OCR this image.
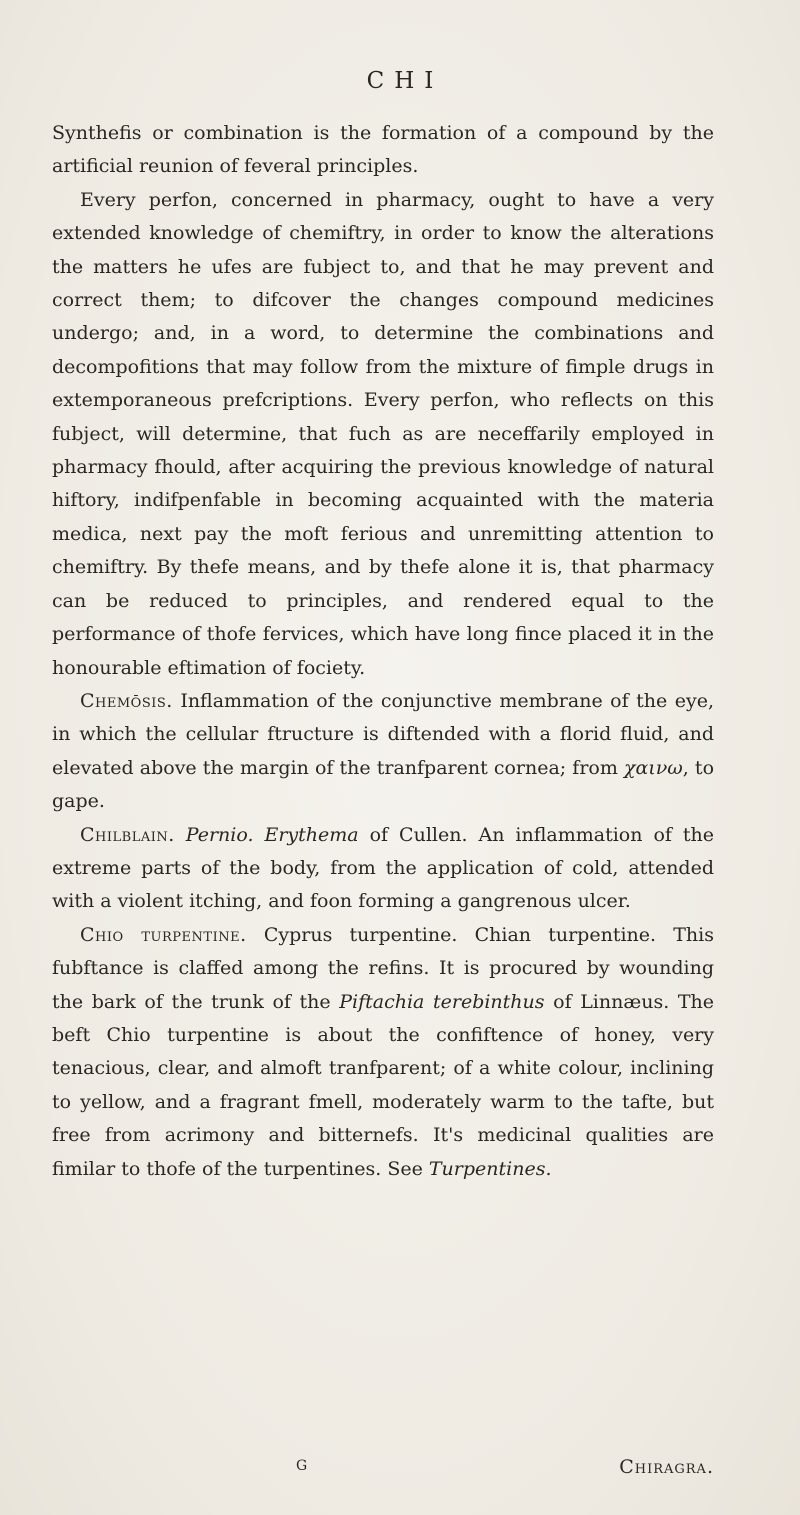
CHI

Synthefis or combination is the formation of a compound by the artificial reunion of feveral principles.

Every perfon, concerned in pharmacy, ought to have a very extended knowledge of chemiftry, in order to know the alterations the matters he ufes are fubject to, and that he may prevent and correct them; to difcover the changes compound medicines undergo; and, in a word, to determine the combinations and decompofitions that may follow from the mixture of fimple drugs in extemporaneous prefcriptions. Every perfon, who reflects on this fubject, will determine, that fuch as are neceffarily employed in pharmacy fhould, after acquiring the previous knowledge of natural hiftory, indifpenfable in becoming acquainted with the materia medica, next pay the moft ferious and unremitting attention to chemiftry. By thefe means, and by thefe alone it is, that pharmacy can be reduced to principles, and rendered equal to the performance of thofe fervices, which have long fince placed it in the honourable eftimation of fociety.

Chemōsis. Inflammation of the conjunctive membrane of the eye, in which the cellular ftructure is diftended with a florid fluid, and elevated above the margin of the tranfparent cornea; from χαινω, to gape.

Chilblain. Pernio. Erythema of Cullen. An inflammation of the extreme parts of the body, from the application of cold, attended with a violent itching, and foon forming a gangrenous ulcer.

Chio turpentine. Cyprus turpentine. Chian turpentine. This fubftance is claffed among the refins. It is procured by wounding the bark of the trunk of the Piftachia terebinthus of Linnæus. The beft Chio turpentine is about the confiftence of honey, very tenacious, clear, and almoft tranfparent; of a white colour, inclining to yellow, and a fragrant fmell, moderately warm to the tafte, but free from acrimony and bitternefs. It's medicinal qualities are fimilar to thofe of the turpentines. See Turpentines.

G	Chiragra.
